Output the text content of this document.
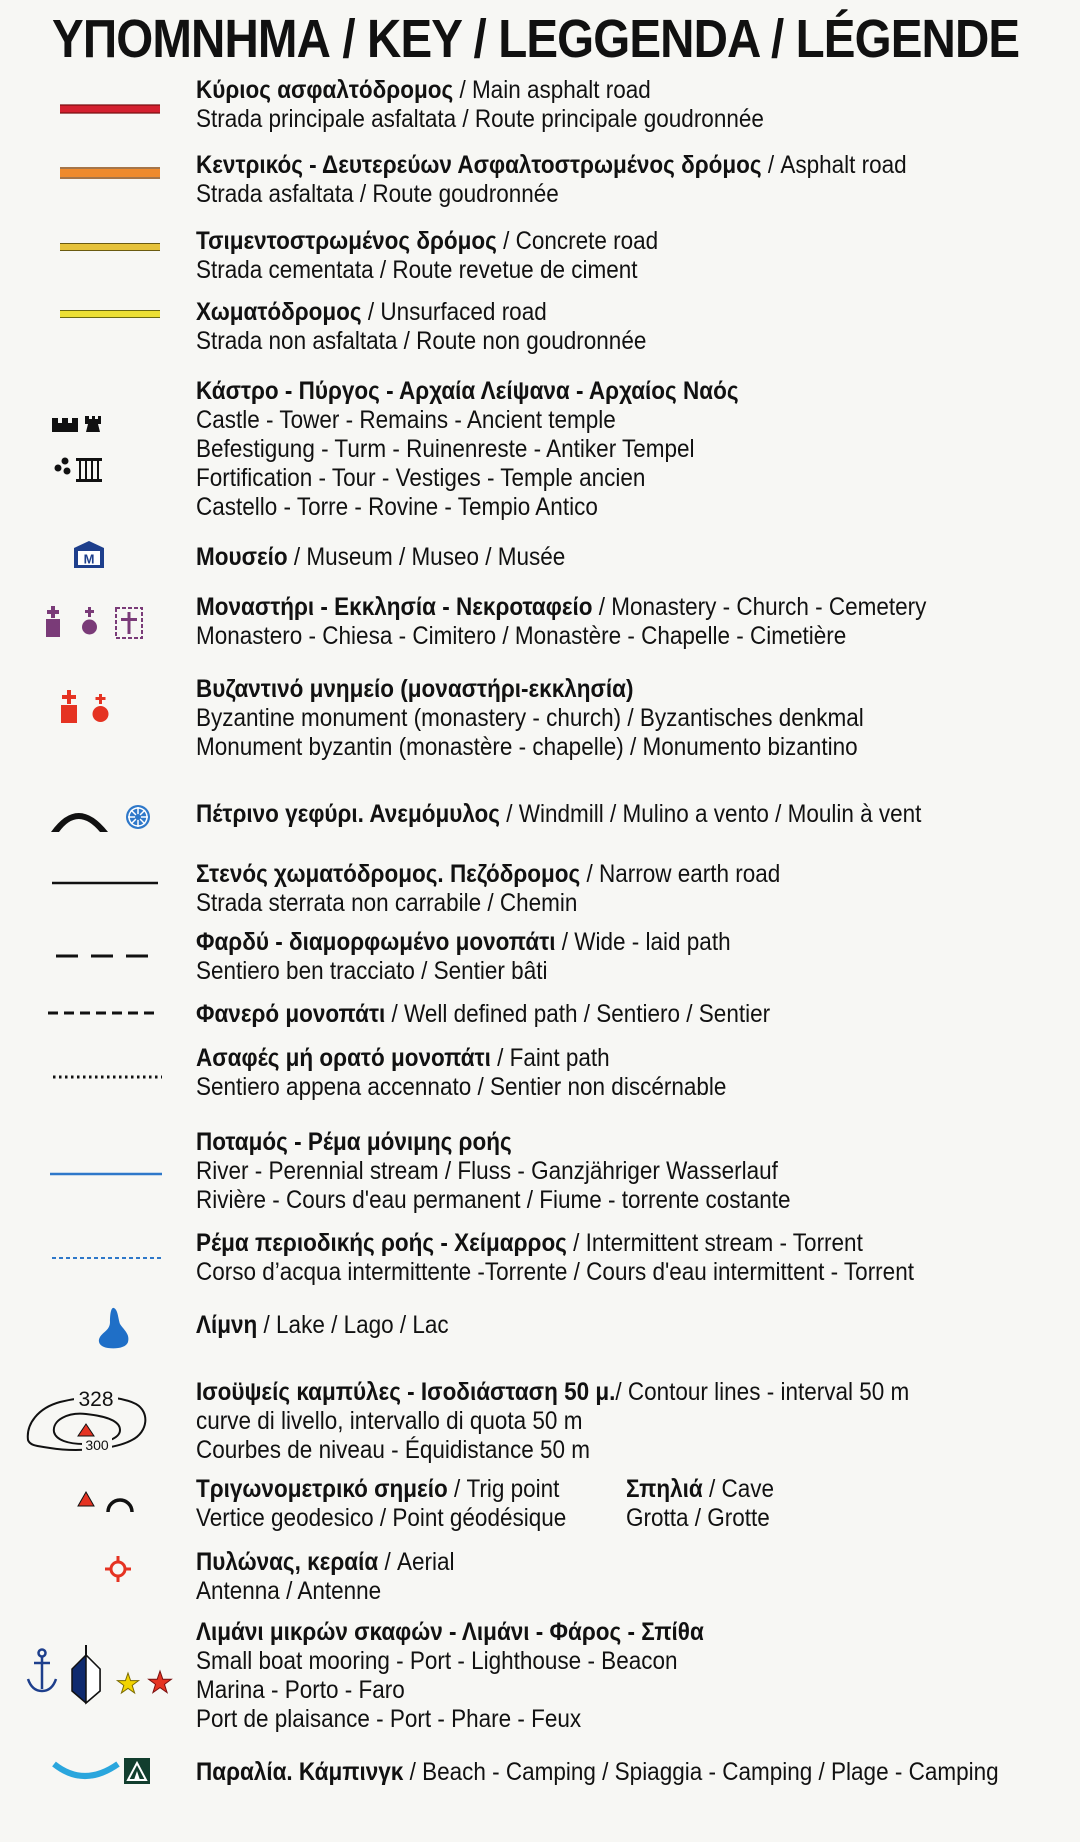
ΥΠΟΜΝΗΜΑ / KEY / LEGGENDA / LÉGENDE
Κύριος ασφαλτόδρομος / Main asphalt road
Strada principale asfaltata / Route principale goudronnée
Κεντρικός - Δευτερεύων Ασφαλτοστρωμένος δρόμος / Asphalt road
Strada asfaltata / Route goudronnée
Τσιμεντοστρωμένος δρόμος / Concrete road
Strada cementata / Route revetue de ciment
Χωματόδρομος / Unsurfaced road
Strada non asfaltata / Route non goudronnée
Κάστρο - Πύργος - Αρχαία Λείψανα - Αρχαίος Ναός
Castle - Tower - Remains - Ancient temple
Befestigung - Turm - Ruinenreste - Antiker Tempel
Fortification - Tour - Vestiges - Temple ancien
Castello - Torre - Rovine - Tempio Antico
M	Μουσείο / Museum / Museo / Musée
Μοναστήρι - Εκκλησία - Νεκροταφείο / Monastery - Church - Cemetery
Monastero - Chiesa - Cimitero / Monastère - Chapelle - Cimetière
Βυζαντινό μνημείο (μοναστήρι-εκκλησία)
Byzantine monument (monastery - church) / Byzantisches denkmal
Monument byzantin (monastère - chapelle) / Monumento bizantino
Πέτρινο γεφύρι. Ανεμόμυλος / Windmill / Mulino a vento / Moulin à vent
Στενός χωματόδρομος. Πεζόδρομος / Narrow earth road
Strada sterrata non carrabile / Chemin
Φαρδύ - διαμορφωμένο μονοπάτι / Wide - laid path
Sentiero ben tracciato / Sentier bâti
Φανερό μονοπάτι / Well defined path / Sentiero / Sentier
Ασαφές μή ορατό μονοπάτι / Faint path
Sentiero appena accennato / Sentier non discérnable
Ποταμός - Ρέμα μόνιμης ροής
River - Perennial stream / Fluss - Ganzjähriger Wasserlauf
Rivière - Cours d'eau permanent / Fiume - torrente costante
Ρέμα περιοδικής ροής - Χείμαρρος / Intermittent stream - Torrent
Corso d’acqua intermittente -Torrente / Cours d'eau intermittent - Torrent
Λίμνη / Lake / Lago / Lac
328
300
Ισοϋψείς καμπύλες - Ισοδιάσταση 50 μ./ Contour lines - interval 50 m
curve di livello, intervallo di quota 50 m
Courbes de niveau - Équidistance 50 m
Τριγωνομετρικό σημείο / Trig point
Vertice geodesico / Point géodésique
Σπηλιά / Cave
Grotta / Grotte
Πυλώνας, κεραία / Aerial
Antenna / Antenne
Λιμάνι μικρών σκαφών - Λιμάνι - Φάρος - Σπίθα
Small boat mooring - Port - Lighthouse - Beacon
Marina - Porto - Faro
Port de plaisance - Port - Phare - Feux
Παραλία. Κάμπινγκ / Beach - Camping / Spiaggia - Camping / Plage - Camping
